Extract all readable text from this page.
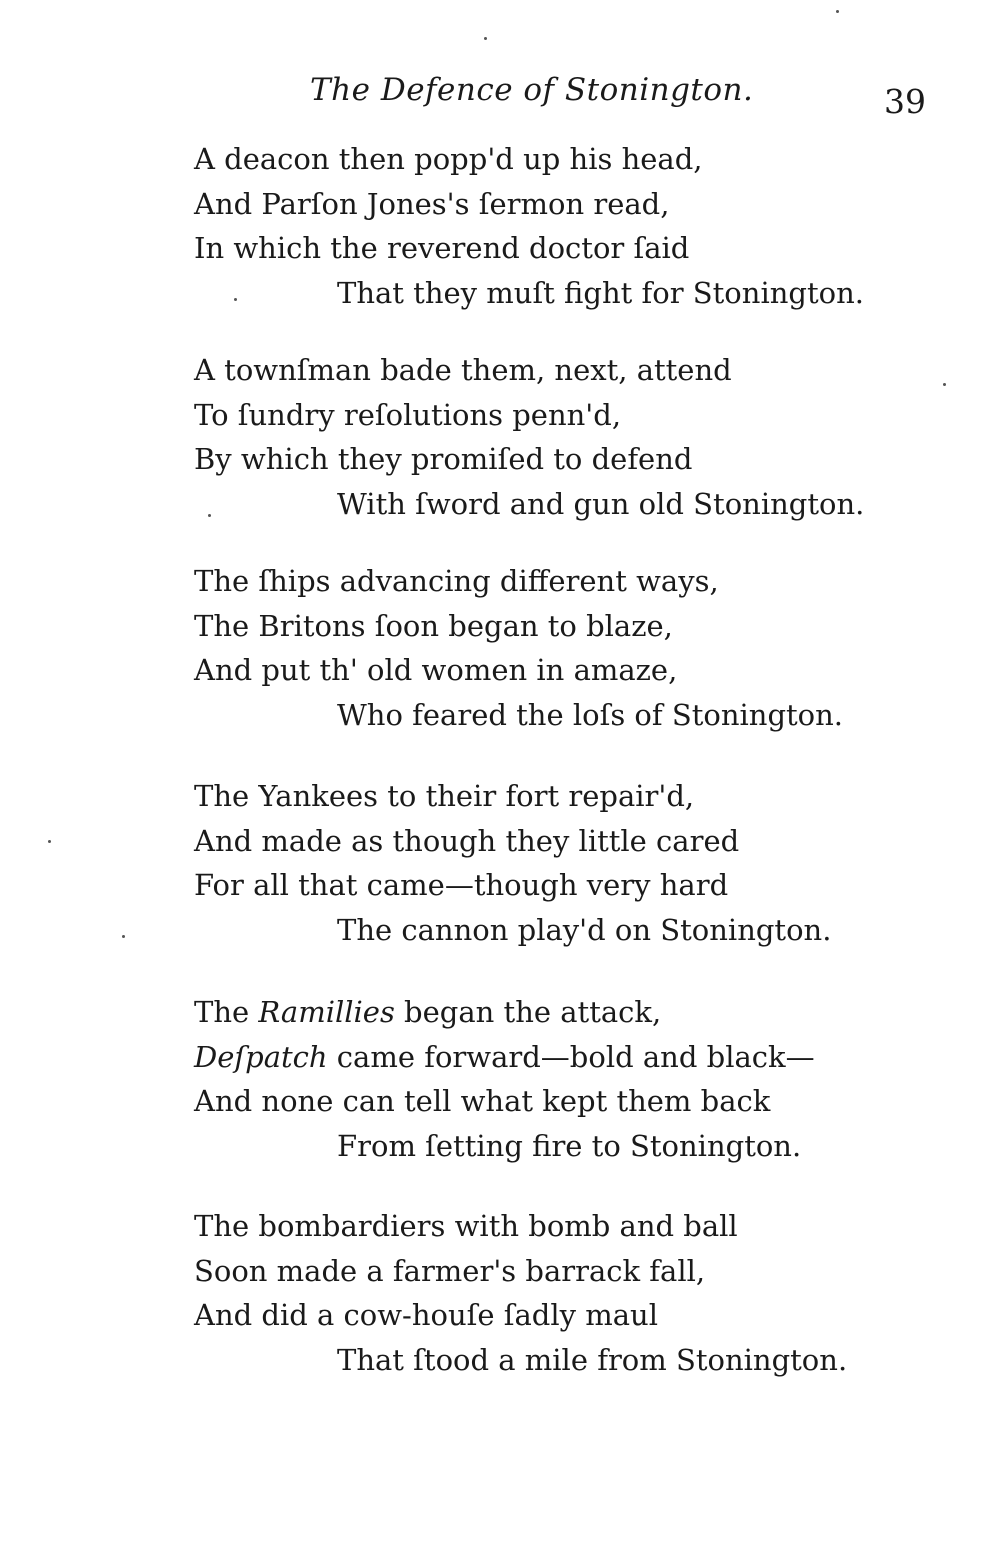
The Defence of Stonington.	39
A deacon then popp'd up his head,
And Parſon Jones's ſermon read,
In which the reverend doctor ſaid
That they muſt fight for Stonington.
A townſman bade them, next, attend
To ſundry reſolutions penn'd,
By which they promiſed to defend
With ſword and gun old Stonington.
The ſhips advancing different ways,
The Britons ſoon began to blaze,
And put th' old women in amaze,
Who feared the loſs of Stonington.
The Yankees to their fort repair'd,
And made as though they little cared
For all that came—though very hard
The cannon play'd on Stonington.
The Ramillies began the attack,
Deſpatch came forward—bold and black—
And none can tell what kept them back
From ſetting fire to Stonington.
The bombardiers with bomb and ball
Soon made a farmer's barrack fall,
And did a cow-houſe ſadly maul
That ſtood a mile from Stonington.
